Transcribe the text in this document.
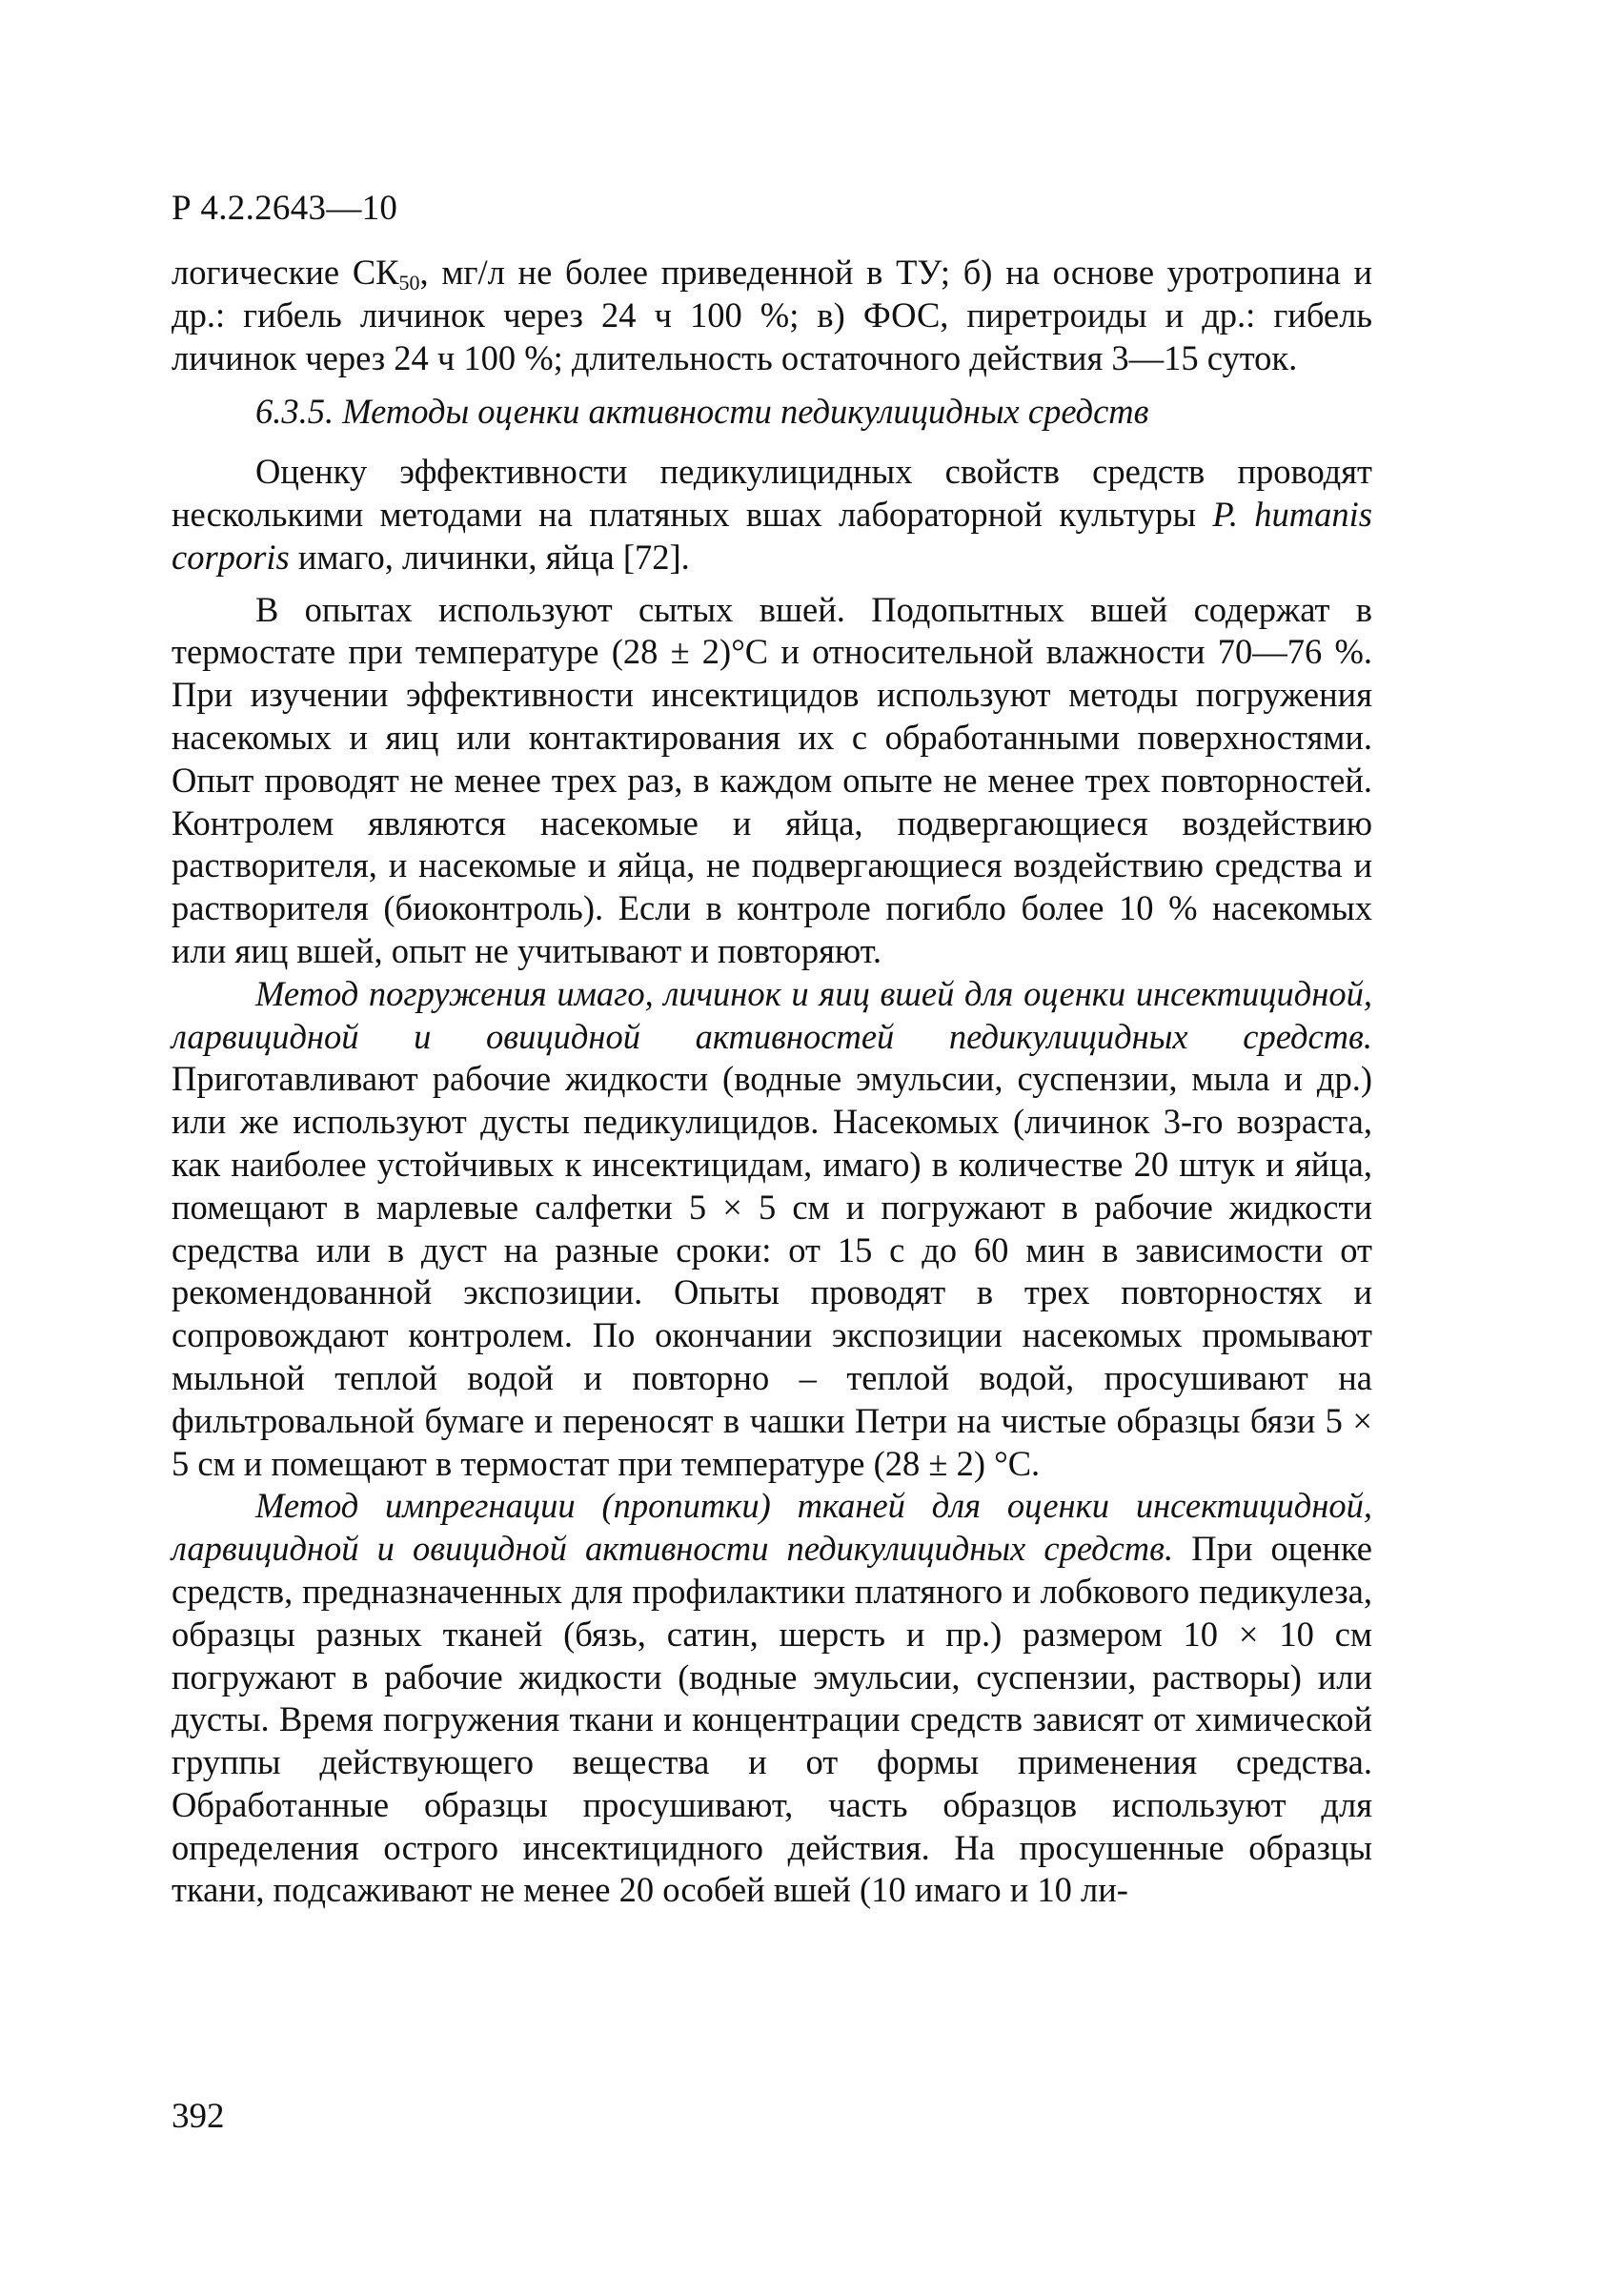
Р 4.2.2643—10

логические $СК_{50}$, мг/л не более приведенной в ТУ; б) на основе уротропина и др.: гибель личинок через 24 ч 100 %; в) ФОС, пиретроиды и др.: гибель личинок через 24 ч 100 %; длительность остаточного действия 3—15 суток.

6.3.5. Методы оценки активности педикулицидных средств

Оценку эффективности педикулицидных свойств средств проводят несколькими методами на платяных вшах лабораторной культуры P. humanis corporis имаго, личинки, яйца [72].

В опытах используют сытых вшей. Подопытных вшей содержат в термостате при температуре (28 ± 2)°С и относительной влажности 70—76 %. При изучении эффективности инсектицидов используют методы погружения насекомых и яиц или контактирования их с обработанными поверхностями. Опыт проводят не менее трех раз, в каждом опыте не менее трех повторностей. Контролем являются насекомые и яйца, подвергающиеся воздействию растворителя, и насекомые и яйца, не подвергающиеся воздействию средства и растворителя (биоконтроль). Если в контроле погибло более 10 % насекомых или яиц вшей, опыт не учитывают и повторяют.

Метод погружения имаго, личинок и яиц вшей для оценки инсектицидной, ларвицидной и овицидной активностей педикулицидных средств. Приготавливают рабочие жидкости (водные эмульсии, суспензии, мыла и др.) или же используют дусты педикулицидов. Насекомых (личинок 3-го возраста, как наиболее устойчивых к инсектицидам, имаго) в количестве 20 штук и яйца, помещают в марлевые салфетки 5 × 5 см и погружают в рабочие жидкости средства или в дуст на разные сроки: от 15 с до 60 мин в зависимости от рекомендованной экспозиции. Опыты проводят в трех повторностях и сопровождают контролем. По окончании экспозиции насекомых промывают мыльной теплой водой и повторно – теплой водой, просушивают на фильтровальной бумаге и переносят в чашки Петри на чистые образцы бязи 5 × 5 см и помещают в термостат при температуре (28 ± 2) °С.

Метод импрегнации (пропитки) тканей для оценки инсектицидной, ларвицидной и овицидной активности педикулицидных средств. При оценке средств, предназначенных для профилактики платяного и лобкового педикулеза, образцы разных тканей (бязь, сатин, шерсть и пр.) размером 10 × 10 см погружают в рабочие жидкости (водные эмульсии, суспензии, растворы) или дусты. Время погружения ткани и концентрации средств зависят от химической группы действующего вещества и от формы применения средства. Обработанные образцы просушивают, часть образцов используют для определения острого инсектицидного действия. На просушенные образцы ткани, подсаживают не менее 20 особей вшей (10 имаго и 10 ли-

392
